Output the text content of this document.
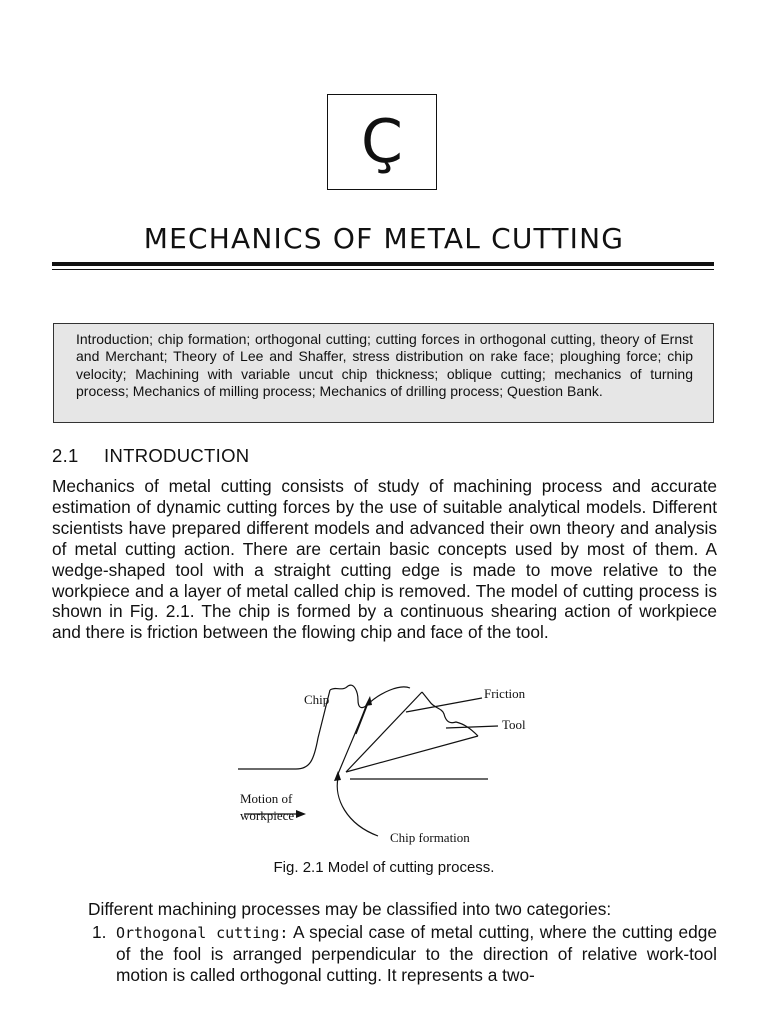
Ç
MECHANICS OF METAL CUTTING
Introduction; chip formation; orthogonal cutting; cutting forces in orthogonal cutting, theory of Ernst and Merchant; Theory of Lee and Shaffer, stress distribution on rake face; ploughing force; chip velocity; Machining with variable uncut chip thickness; oblique cutting; mechanics of turning process; Mechanics of milling process; Mechanics of drilling process; Question Bank.
2.1 INTRODUCTION
Mechanics of metal cutting consists of study of machining process and accurate estimation of dynamic cutting forces by the use of suitable analytical models. Different scientists have prepared different models and advanced their own theory and analysis of metal cutting action. There are certain basic concepts used by most of them. A wedge-shaped tool with a straight cutting edge is made to move relative to the workpiece and a layer of metal called chip is removed. The model of cutting process is shown in Fig. 2.1. The chip is formed by a continuous shearing action of workpiece and there is friction between the flowing chip and face of the tool.
Chip	Friction
Tool
Motion of
workpiece
Chip formation
Fig. 2.1 Model of cutting process.
Different machining processes may be classified into two categories:
1. Orthogonal cutting: A special case of metal cutting, where the cutting edge of the fool is arranged perpendicular to the direction of relative work-tool motion is called orthogonal cutting. It represents a two-
